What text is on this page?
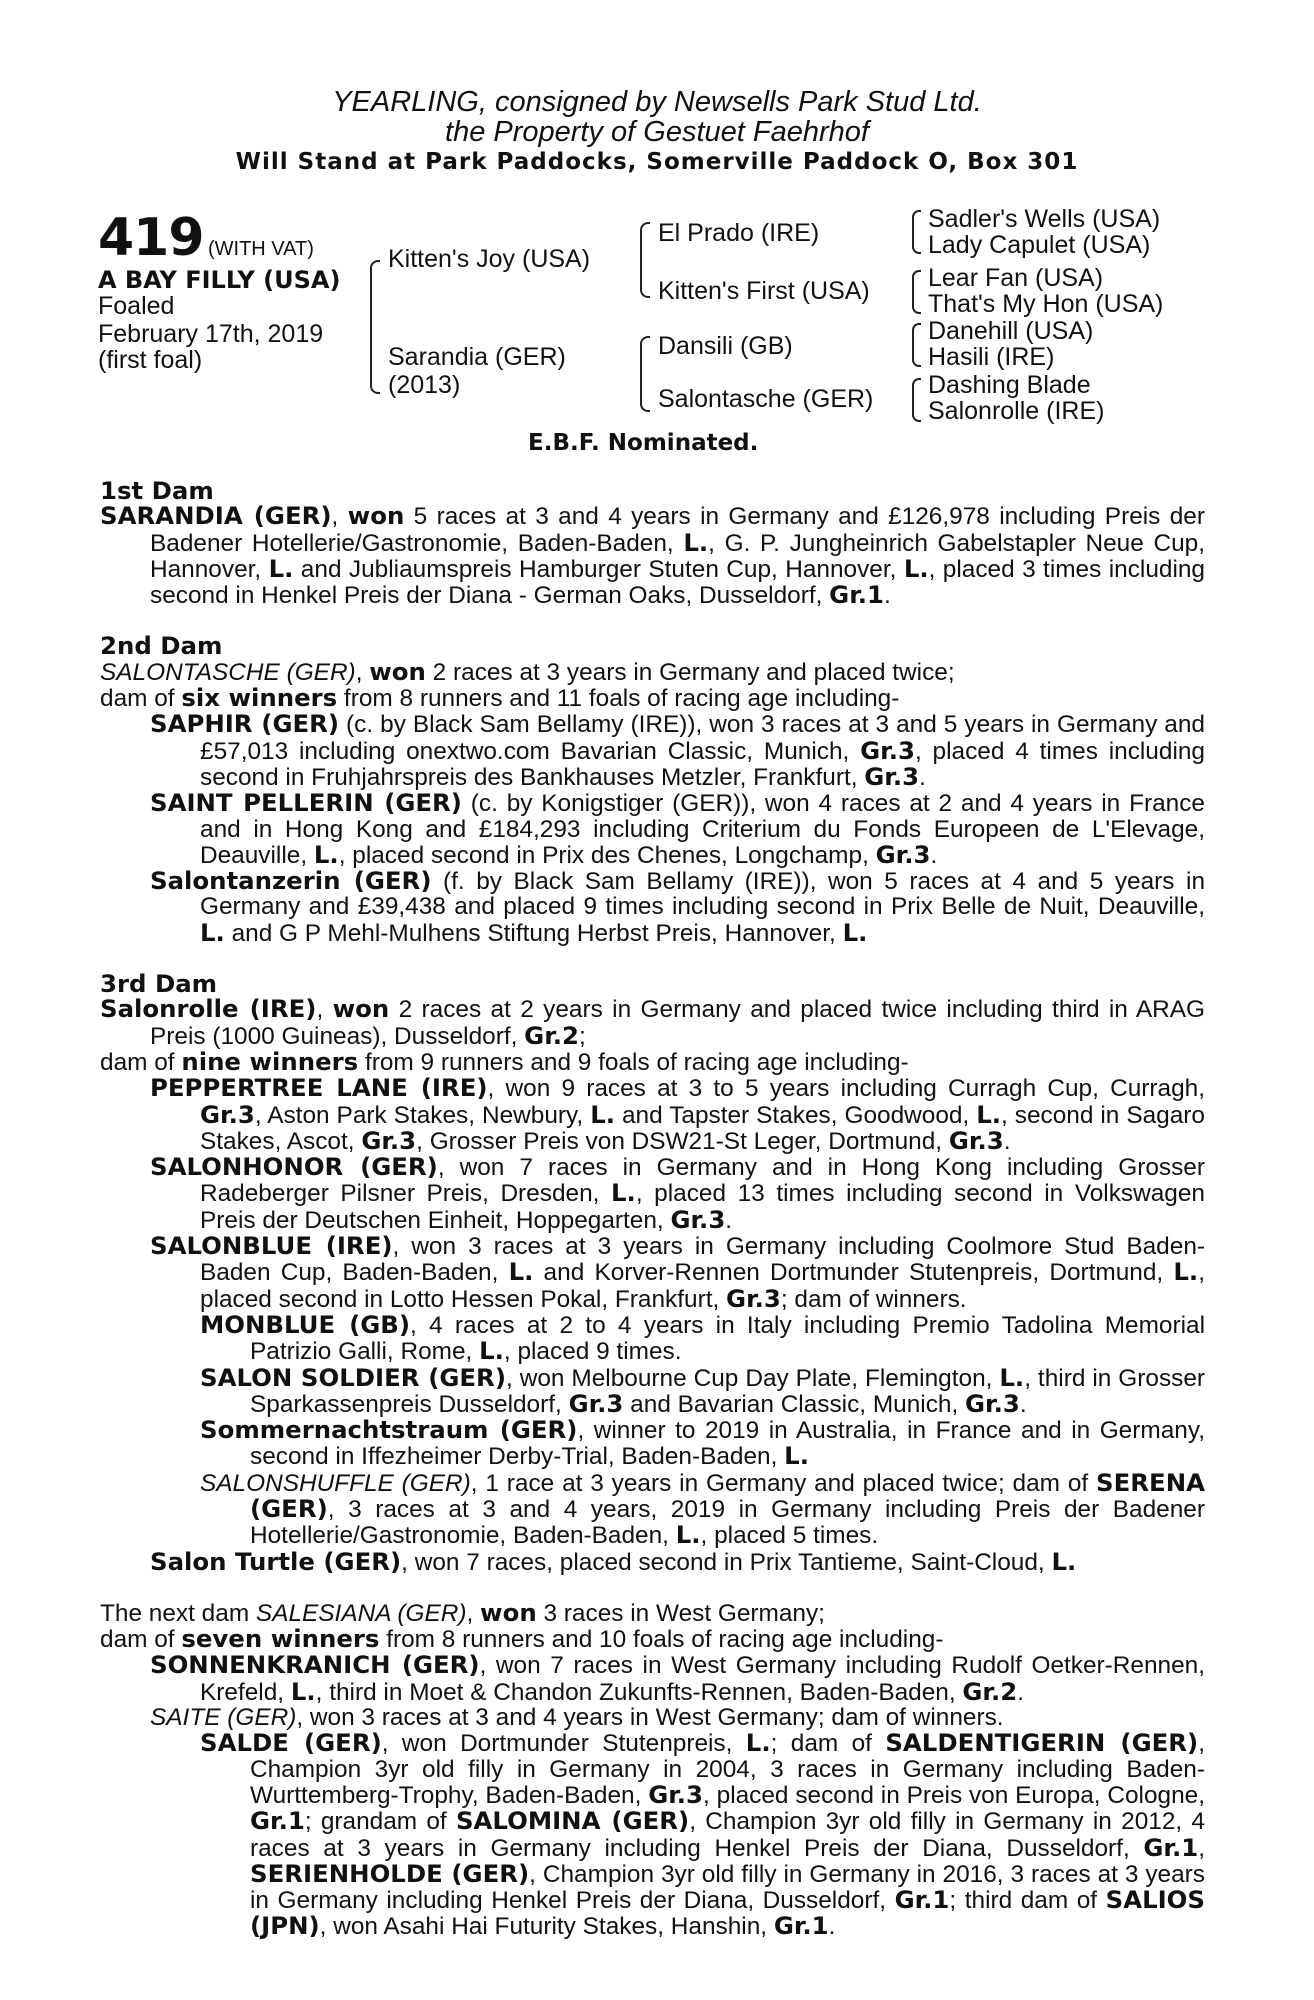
YEARLING, consigned by Newsells Park Stud Ltd.
the Property of Gestuet Faehrhof
Will Stand at Park Paddocks, Somerville Paddock O, Box 301
419 (WITH VAT)
A BAY FILLY (USA)
Foaled
February 17th, 2019
(first foal)
Kitten's Joy (USA)
Sarandia (GER)
(2013)
El Prado (IRE)
Kitten's First (USA)
Dansili (GB)
Salontasche (GER)
Sadler's Wells (USA)
Lady Capulet (USA)
Lear Fan (USA)
That's My Hon (USA)
Danehill (USA)
Hasili (IRE)
Dashing Blade
Salonrolle (IRE)
E.B.F. Nominated.

1st Dam

SARANDIA (GER), won 5 races at 3 and 4 years in Germany and £126,978 including Preis der Badener Hotellerie/Gastronomie, Baden-Baden, L., G. P. Jungheinrich Gabelstapler Neue Cup, Hannover, L. and Jubliaumspreis Hamburger Stuten Cup, Hannover, L., placed 3 times including second in Henkel Preis der Diana - German Oaks, Dusseldorf, Gr.1.

2nd Dam

SALONTASCHE (GER), won 2 races at 3 years in Germany and placed twice;

dam of six winners from 8 runners and 11 foals of racing age including-

SAPHIR (GER) (c. by Black Sam Bellamy (IRE)), won 3 races at 3 and 5 years in Germany and £57,013 including onextwo.com Bavarian Classic, Munich, Gr.3, placed 4 times including second in Fruhjahrspreis des Bankhauses Metzler, Frankfurt, Gr.3.

SAINT PELLERIN (GER) (c. by Konigstiger (GER)), won 4 races at 2 and 4 years in France and in Hong Kong and £184,293 including Criterium du Fonds Europeen de L'Elevage, Deauville, L., placed second in Prix des Chenes, Longchamp, Gr.3.

Salontanzerin (GER) (f. by Black Sam Bellamy (IRE)), won 5 races at 4 and 5 years in Germany and £39,438 and placed 9 times including second in Prix Belle de Nuit, Deauville, L. and G P Mehl-Mulhens Stiftung Herbst Preis, Hannover, L.

3rd Dam

Salonrolle (IRE), won 2 races at 2 years in Germany and placed twice including third in ARAG Preis (1000 Guineas), Dusseldorf, Gr.2;

dam of nine winners from 9 runners and 9 foals of racing age including-

PEPPERTREE LANE (IRE), won 9 races at 3 to 5 years including Curragh Cup, Curragh, Gr.3, Aston Park Stakes, Newbury, L. and Tapster Stakes, Goodwood, L., second in Sagaro Stakes, Ascot, Gr.3, Grosser Preis von DSW21-St Leger, Dortmund, Gr.3.

SALONHONOR (GER), won 7 races in Germany and in Hong Kong including Grosser Radeberger Pilsner Preis, Dresden, L., placed 13 times including second in Volkswagen Preis der Deutschen Einheit, Hoppegarten, Gr.3.

SALONBLUE (IRE), won 3 races at 3 years in Germany including Coolmore Stud Baden-Baden Cup, Baden-Baden, L. and Korver-Rennen Dortmunder Stutenpreis, Dortmund, L., placed second in Lotto Hessen Pokal, Frankfurt, Gr.3; dam of winners.

MONBLUE (GB), 4 races at 2 to 4 years in Italy including Premio Tadolina Memorial Patrizio Galli, Rome, L., placed 9 times.

SALON SOLDIER (GER), won Melbourne Cup Day Plate, Flemington, L., third in Grosser Sparkassenpreis Dusseldorf, Gr.3 and Bavarian Classic, Munich, Gr.3.

Sommernachtstraum (GER), winner to 2019 in Australia, in France and in Germany, second in Iffezheimer Derby-Trial, Baden-Baden, L.

SALONSHUFFLE (GER), 1 race at 3 years in Germany and placed twice; dam of SERENA (GER), 3 races at 3 and 4 years, 2019 in Germany including Preis der Badener Hotellerie/Gastronomie, Baden-Baden, L., placed 5 times.

Salon Turtle (GER), won 7 races, placed second in Prix Tantieme, Saint-Cloud, L.

The next dam SALESIANA (GER), won 3 races in West Germany;

dam of seven winners from 8 runners and 10 foals of racing age including-

SONNENKRANICH (GER), won 7 races in West Germany including Rudolf Oetker-Rennen, Krefeld, L., third in Moet & Chandon Zukunfts-Rennen, Baden-Baden, Gr.2.

SAITE (GER), won 3 races at 3 and 4 years in West Germany; dam of winners.

SALDE (GER), won Dortmunder Stutenpreis, L.; dam of SALDENTIGERIN (GER), Champion 3yr old filly in Germany in 2004, 3 races in Germany including Baden-Wurttemberg-Trophy, Baden-Baden, Gr.3, placed second in Preis von Europa, Cologne, Gr.1; grandam of SALOMINA (GER), Champion 3yr old filly in Germany in 2012, 4 races at 3 years in Germany including Henkel Preis der Diana, Dusseldorf, Gr.1, SERIENHOLDE (GER), Champion 3yr old filly in Germany in 2016, 3 races at 3 years in Germany including Henkel Preis der Diana, Dusseldorf, Gr.1; third dam of SALIOS (JPN), won Asahi Hai Futurity Stakes, Hanshin, Gr.1.
